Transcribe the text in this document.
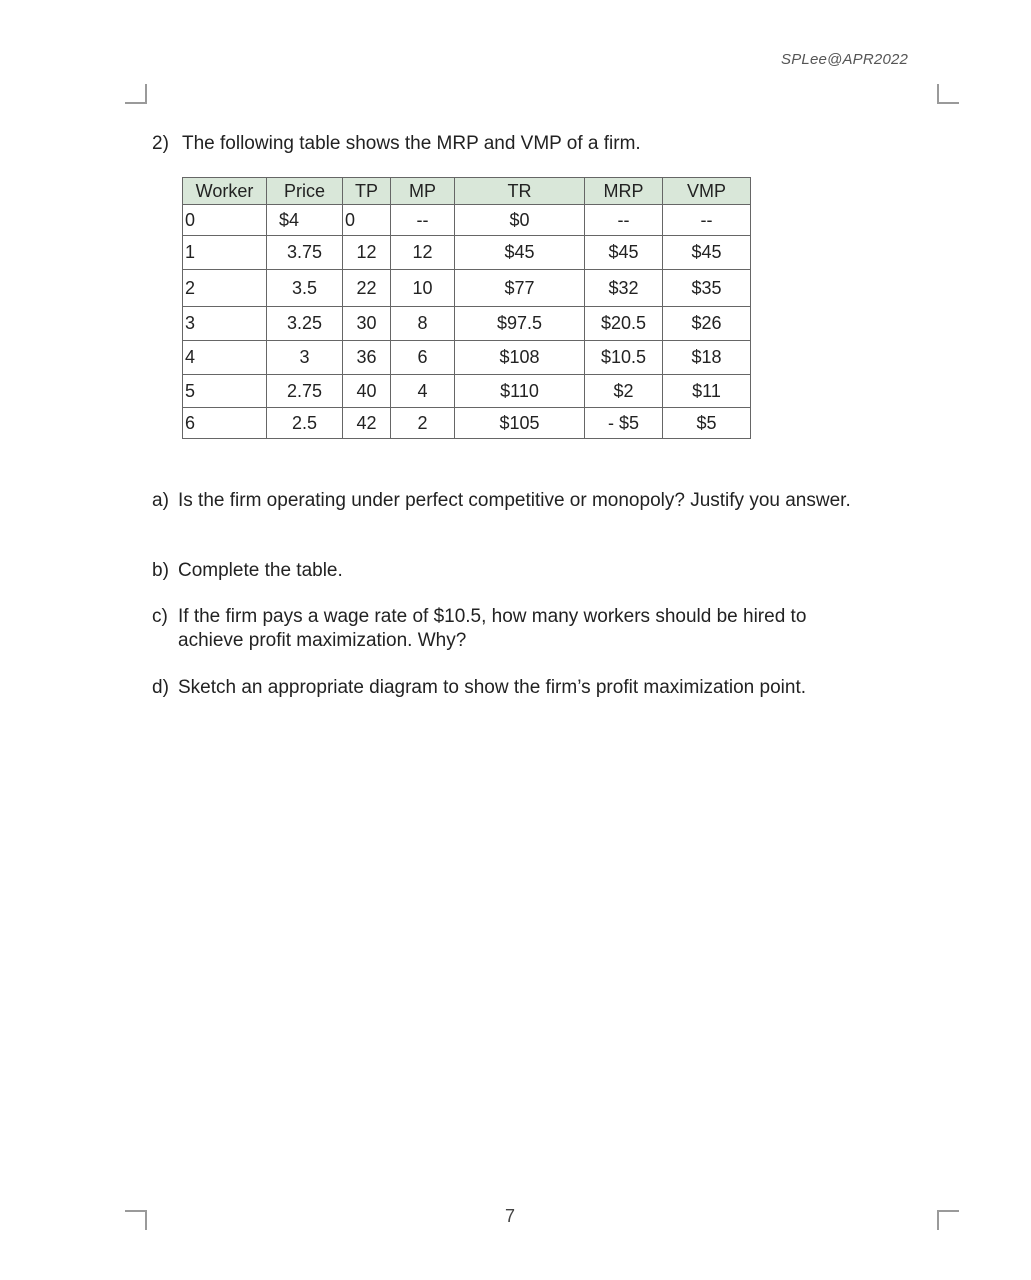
SPLee@APR2022
2) The following table shows the MRP and VMP of a firm.
Worker	Price	TP	MP	TR	MRP	VMP
0	$4	0	--	$0	--	--
1	3.75	12	12	$45	$45	$45
2	3.5	22	10	$77	$32	$35
3	3.25	30	8	$97.5	$20.5	$26
4	3	36	6	$108	$10.5	$18
5	2.75	40	4	$110	$2	$11
6	2.5	42	2	$105	- $5	$5
a) Is the firm operating under perfect competitive or monopoly? Justify you answer.
b) Complete the table.
c) If the firm pays a wage rate of $10.5, how many workers should be hired to achieve profit maximization. Why?
d) Sketch an appropriate diagram to show the firm’s profit maximization point.
7
